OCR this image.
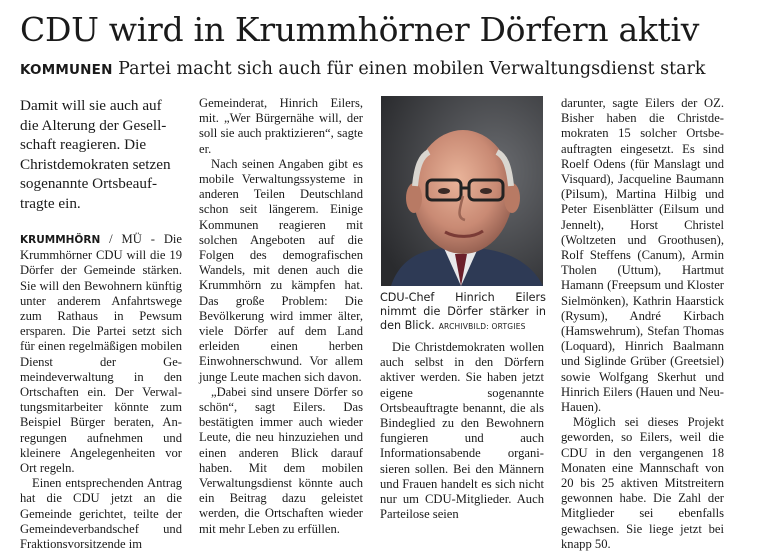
CDU wird in Krummhörner Dörfern aktiv
KOMMUNEN Partei macht sich auch für einen mobilen Verwaltungsdienst stark

Damit will sie auch auf die Alterung der Gesellschaft reagieren. Die Christdemokraten setzen sogenannte Ortsbeauftragte ein.

KRUMMHÖRN / MÜ - Die Krummhörner CDU will die 19 Dörfer der Gemeinde stärken. Sie will den Bewohnern künftig unter anderem Anfahrtswege zum Rathaus in Pewsum ersparen. Die Partei setzt sich für einen regelmäßigen mobilen Dienst der Gemeindeverwaltung in den Ortschaften ein. Der Verwaltungsmitarbeiter könnte zum Beispiel Bürger beraten, Anregungen aufnehmen und kleinere Angelegenheiten vor Ort regeln.

Einen entsprechenden Antrag hat die CDU jetzt an die Gemeinde gerichtet, teilte der Gemeindeverbandschef und Fraktionsvorsitzende im

Gemeinderat, Hinrich Eilers, mit. „Wer Bürgernähe will, der soll sie auch praktizieren“, sagte er.

Nach seinen Angaben gibt es mobile Verwaltungssysteme in anderen Teilen Deutschland schon seit längerem. Einige Kommunen reagieren mit solchen Angeboten auf die Folgen des demografischen Wandels, mit denen auch die Krummhörn zu kämpfen hat. Das große Problem: Die Bevölkerung wird immer älter, viele Dörfer auf dem Land erleiden einen herben Einwohnerschwund. Vor allem junge Leute machen sich davon.

„Dabei sind unsere Dörfer so schön“, sagt Eilers. Das bestätigten immer auch wieder Leute, die neu hinzuziehen und einen anderen Blick darauf haben. Mit dem mobilen Verwaltungsdienst könnte auch ein Beitrag dazu geleistet werden, die Ortschaften wieder mit mehr Leben zu erfüllen.

CDU-Chef Hinrich Eilers nimmt die Dörfer stärker in den Blick. ARCHIVBILD: ORTGIES

Die Christdemokraten wollen auch selbst in den Dörfern aktiver werden. Sie haben jetzt eigene sogenannte Ortsbeauftragte benannt, die als Bindeglied zu den Bewohnern fungieren und auch Informationsabende organisieren sollen. Bei den Männern und Frauen handelt es sich nicht nur um CDU-Mitglieder. Auch Parteilose seien

darunter, sagte Eilers der OZ. Bisher haben die Christdemokraten 15 solcher Ortsbeauftragten eingesetzt. Es sind Roelf Odens (für Manslagt und Visquard), Jacqueline Baumann (Pilsum), Martina Hilbig und Peter Eisenblätter (Eilsum und Jennelt), Horst Christel (Woltzeten und Groothusen), Rolf Steffens (Canum), Armin Tholen (Uttum), Hartmut Hamann (Freepsum und Kloster Sielmönken), Kathrin Haarstick (Rysum), André Kirbach (Hamswehrum), Stefan Thomas (Loquard), Hinrich Baalmann und Siglinde Grüber (Greetsiel) sowie Wolfgang Skerhut und Hinrich Eilers (Hauen und Neu-Hauen).

Möglich sei dieses Projekt geworden, so Eilers, weil die CDU in den vergangenen 18 Monaten eine Mannschaft von 20 bis 25 aktiven Mitstreitern gewonnen habe. Die Zahl der Mitglieder sei ebenfalls gewachsen. Sie liege jetzt bei knapp 50.
